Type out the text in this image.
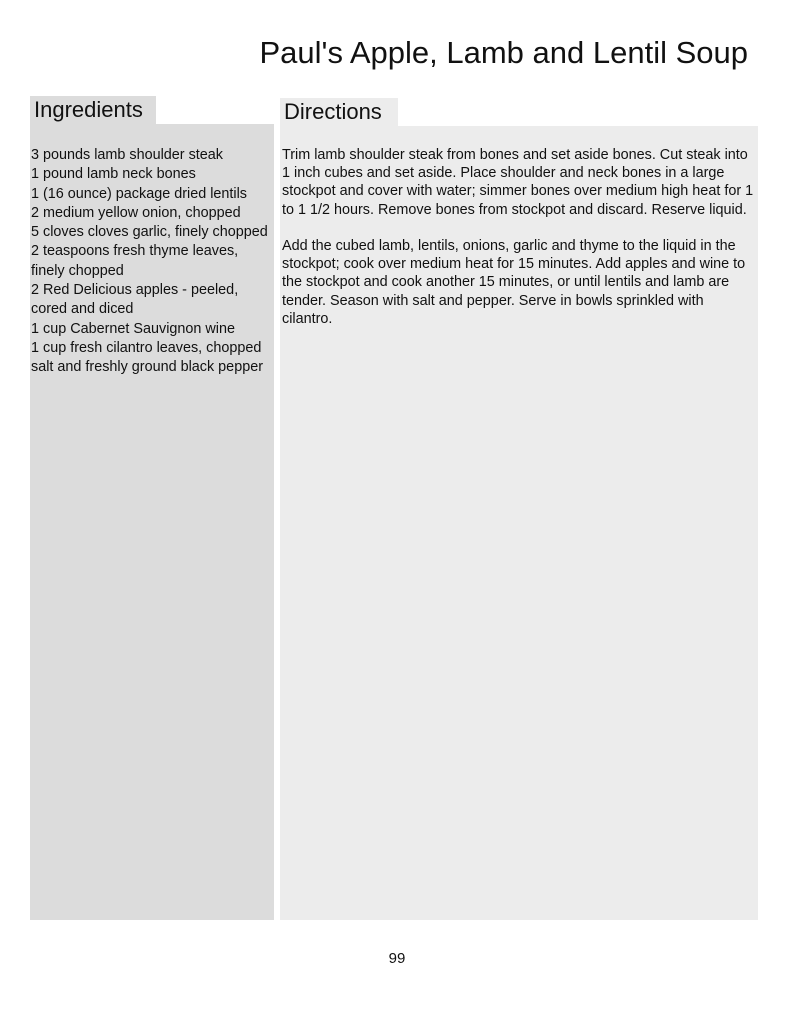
Paul's Apple, Lamb and Lentil Soup
Ingredients
3 pounds lamb shoulder steak
1 pound lamb neck bones
1 (16 ounce) package dried lentils
2 medium yellow onion, chopped
5 cloves cloves garlic, finely chopped
2 teaspoons fresh thyme leaves, finely chopped
2 Red Delicious apples - peeled, cored and diced
1 cup Cabernet Sauvignon wine
1 cup fresh cilantro leaves, chopped
salt and freshly ground black pepper
Directions

Trim lamb shoulder steak from bones and set aside bones. Cut steak into 1 inch cubes and set aside. Place shoulder and neck bones in a large stockpot and cover with water; simmer bones over medium high heat for 1 to 1 1/2 hours. Remove bones from stockpot and discard. Reserve liquid.

Add the cubed lamb, lentils, onions, garlic and thyme to the liquid in the stockpot; cook over medium heat for 15 minutes. Add apples and wine to the stockpot and cook another 15 minutes, or until lentils and lamb are tender. Season with salt and pepper. Serve in bowls sprinkled with cilantro.

99
